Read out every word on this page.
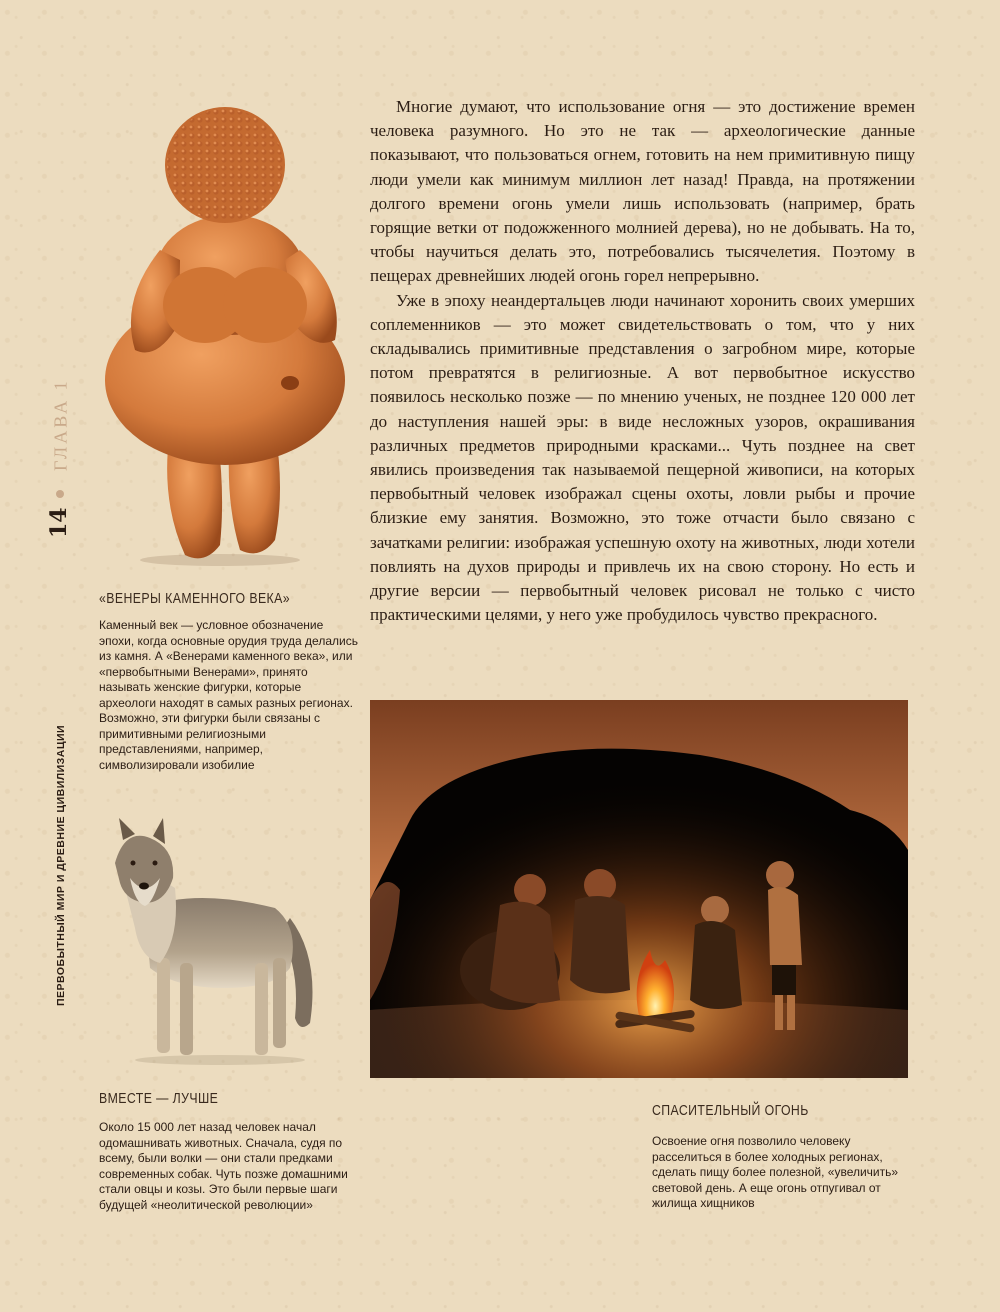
14
ГЛАВА 1
ПЕРВОБЫТНЫЙ МИР И ДРЕВНИЕ ЦИВИЛИЗАЦИИ

Многие думают, что использование огня — это достижение времен человека разумного. Но это не так — археологические данные показывают, что пользоваться огнем, готовить на нем примитивную пищу люди умели как минимум миллион лет назад! Правда, на протяжении долгого времени огонь умели лишь использовать (например, брать горящие ветки от подожженного молнией дерева), но не добывать. На то, чтобы научиться делать это, потребовались тысячелетия. Поэтому в пещерах древнейших людей огонь горел непрерывно.

Уже в эпоху неандертальцев люди начинают хоронить своих умерших соплеменников — это может свидетельствовать о том, что у них складывались примитивные представления о загробном мире, которые потом превратятся в религиозные. А вот первобытное искусство появилось несколько позже — по мнению ученых, не позднее 120 000 лет до наступления нашей эры: в виде несложных узоров, окрашивания различных предметов природными красками... Чуть позднее на свет явились произведения так называемой пещерной живописи, на которых первобытный человек изображал сцены охоты, ловли рыбы и прочие близкие ему занятия. Возможно, это тоже отчасти было связано с зачатками религии: изображая успешную охоту на животных, люди хотели повлиять на духов природы и привлечь их на свою сторону. Но есть и другие версии — первобытный человек рисовал не только с чисто практическими целями, у него уже пробудилось чувство прекрасного.

«ВЕНЕРЫ КАМЕННОГО ВЕКА»
Каменный век — условное обозначение эпохи, когда основные орудия труда делались из камня. А «Венерами каменного века», или «первобытными Венерами», принято называть женские фигурки, которые археологи находят в самых разных регионах. Возможно, эти фигурки были связаны с примитивными религиозными представлениями, например, символизировали изобилие
ВМЕСТЕ — ЛУЧШЕ
Около 15 000 лет назад человек начал одомашнивать животных. Сначала, судя по всему, были волки — они стали предками современных собак. Чуть позже домашними стали овцы и козы. Это были первые шаги будущей «неолитической революции»
СПАСИТЕЛЬНЫЙ ОГОНЬ
Освоение огня позволило человеку расселиться в более холодных регионах, сделать пищу более полезной, «увеличить» световой день. А еще огонь отпугивал от жилища хищников
